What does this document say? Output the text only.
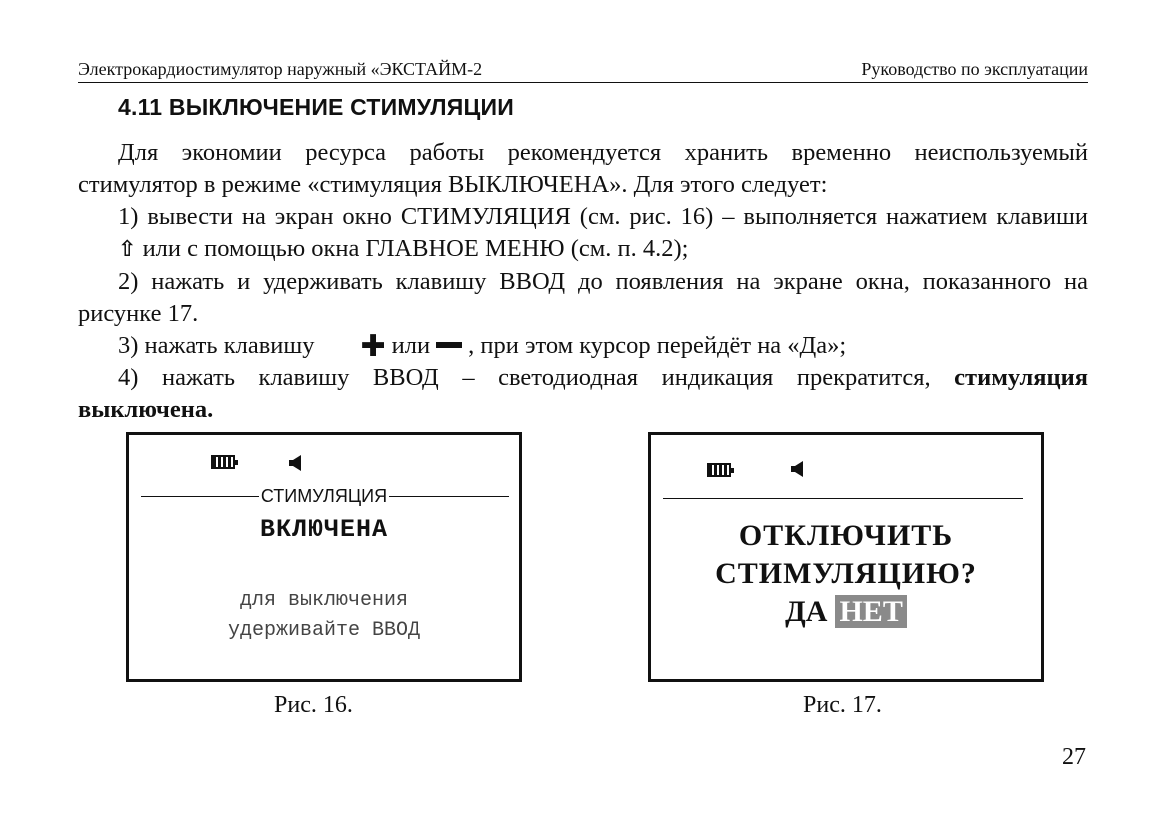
Электрокардиостимулятор наружный «ЭКСТАЙМ-2	Руководство по эксплуатации
4.11 ВЫКЛЮЧЕНИЕ СТИМУЛЯЦИИ

Для экономии ресурса работы рекомендуется хранить временно неиспользуемый стимулятор в режиме «стимуляция ВЫКЛЮЧЕНА». Для этого следует:

1) вывести на экран окно СТИМУЛЯЦИЯ (см. рис. 16) – выполняется нажатием клавиши ⇧ или с помощью окна ГЛАВНОЕ МЕНЮ (см. п. 4.2);

2) нажать и удерживать клавишу ВВОД до появления на экране окна, показанного на рисунке 17.

3) нажать клавишу ✚ или , при этом курсор перейдёт на «Да»;

4) нажать клавишу ВВОД – светодиодная индикация прекратится, стимуляция выключена.

СТИМУЛЯЦИЯ
ВКЛЮЧЕНА
для выключения
удерживайте ВВОД
Рис. 16.
ОТКЛЮЧИТЬ
СТИМУЛЯЦИЮ?
ДА НЕТ
Рис. 17.
27
